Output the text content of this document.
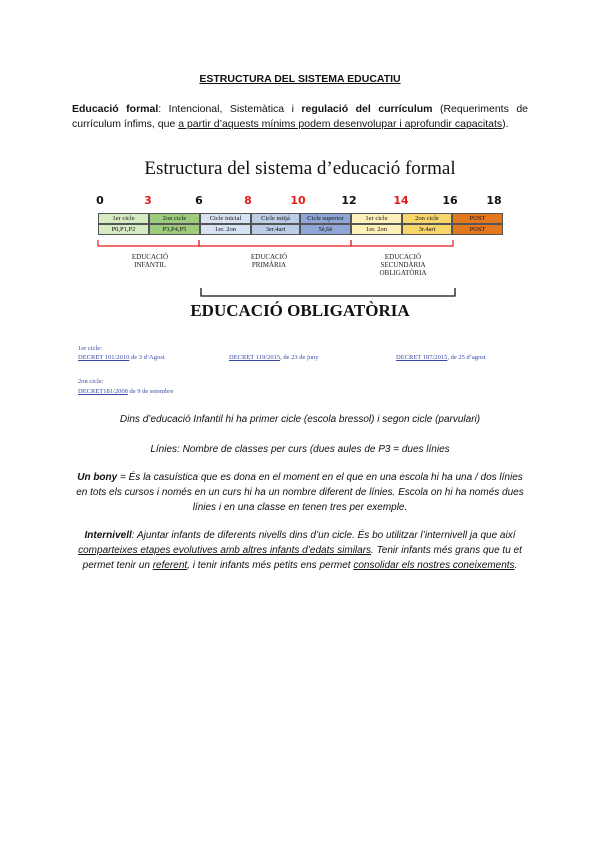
ESTRUCTURA DEL SISTEMA EDUCATIU
Educació formal: Intencional, Sistemàtica i regulació del currículum (Requeriments de currículum ínfims, que a partir d’aquests mínims podem desenvolupar i aprofundir capacitats).
Estructura del sistema d’educació formal
0	3	6	8	10	12	14	16	18
1er cicle	2on cicle	Cicle inicial	Cicle mitjà	Cicle superior	1er cicle	2on cicle	POST
P0,P1,P2	P3,P4,P5	1er. 2on	3er.4art	5è,6è	1er. 2on	3r.4art	POST
EDUCACIÓ
INFANTIL
EDUCACIÓ
PRIMÀRIA
EDUCACIÓ
SECUNDÀRIA
OBLIGATÒRIA
EDUCACIÓ OBLIGATÒRIA
1er cicle:
DECRET 101/2010 de 3 d’Agost	DECRET 119/2015, de 23 de juny	DECRET 187/2015, de 25 d’agost
2on cicle:
DECRET181/2008 de 9 de setembre
Dins d’educació Infantil hi ha primer cicle (escola bressol) i segon cicle (parvulari)
Línies: Nombre de classes per curs (dues aules de P3 = dues línies
Un bony = És la casuística que es dona en el moment en el que en una escola hi ha una / dos línies en tots els cursos i només en un curs hi ha un nombre diferent de línies. Escola on hi ha només dues línies i en una classe en tenen tres per exemple.
Internivell: Ajuntar infants de diferents nivells dins d’un cicle. És bo utilitzar l’internivell ja que així comparteixes etapes evolutives amb altres infants d’edats similars. Tenir infants més grans que tu et permet tenir un referent, i tenir infants més petits ens permet consolidar els nostres coneixements.
